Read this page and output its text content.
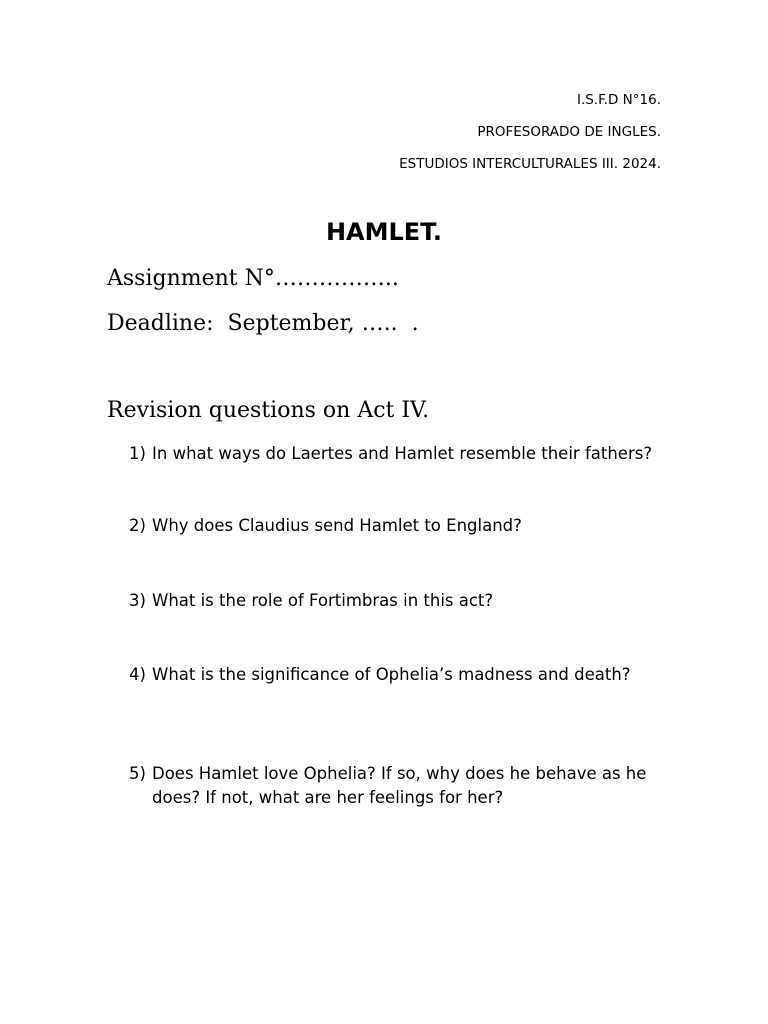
I.S.F.D N°16.
PROFESORADO DE INGLES.
ESTUDIOS INTERCULTURALES III. 2024.
HAMLET.
Assignment N°……………..
Deadline:  September, …..  .
Revision questions on Act IV.
1) In what ways do Laertes and Hamlet resemble their fathers?
2) Why does Claudius send Hamlet to England?
3) What is the role of Fortimbras in this act?
4) What is the significance of Ophelia’s madness and death?
5) Does Hamlet love Ophelia? If so, why does he behave as he does? If not, what are her feelings for her?
